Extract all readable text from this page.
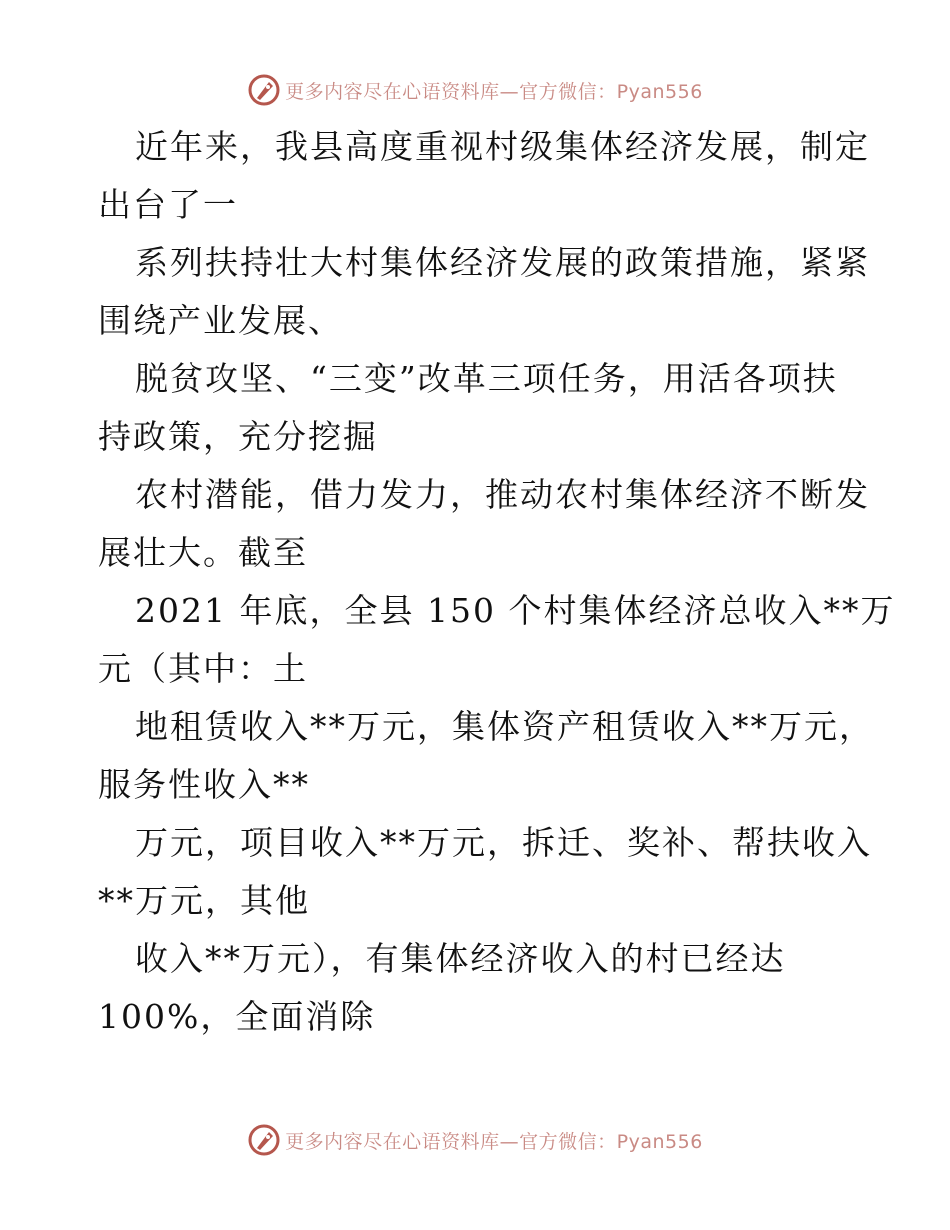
更多内容尽在心语资料库—官方微信：Pyan556
近年来，我县高度重视村级集体经济发展，制定
出台了一
系列扶持壮大村集体经济发展的政策措施，紧紧
围绕产业发展、
脱贫攻坚、“三变”改革三项任务，用活各项扶
持政策，充分挖掘
农村潜能，借力发力，推动农村集体经济不断发
展壮大。截至
2021 年底，全县 150 个村集体经济总收入**万
元（其中：土
地租赁收入**万元，集体资产租赁收入**万元，
服务性收入**
万元，项目收入**万元，拆迁、奖补、帮扶收入
**万元，其他
收入**万元），有集体经济收入的村已经达
100%，全面消除
更多内容尽在心语资料库—官方微信：Pyan556
